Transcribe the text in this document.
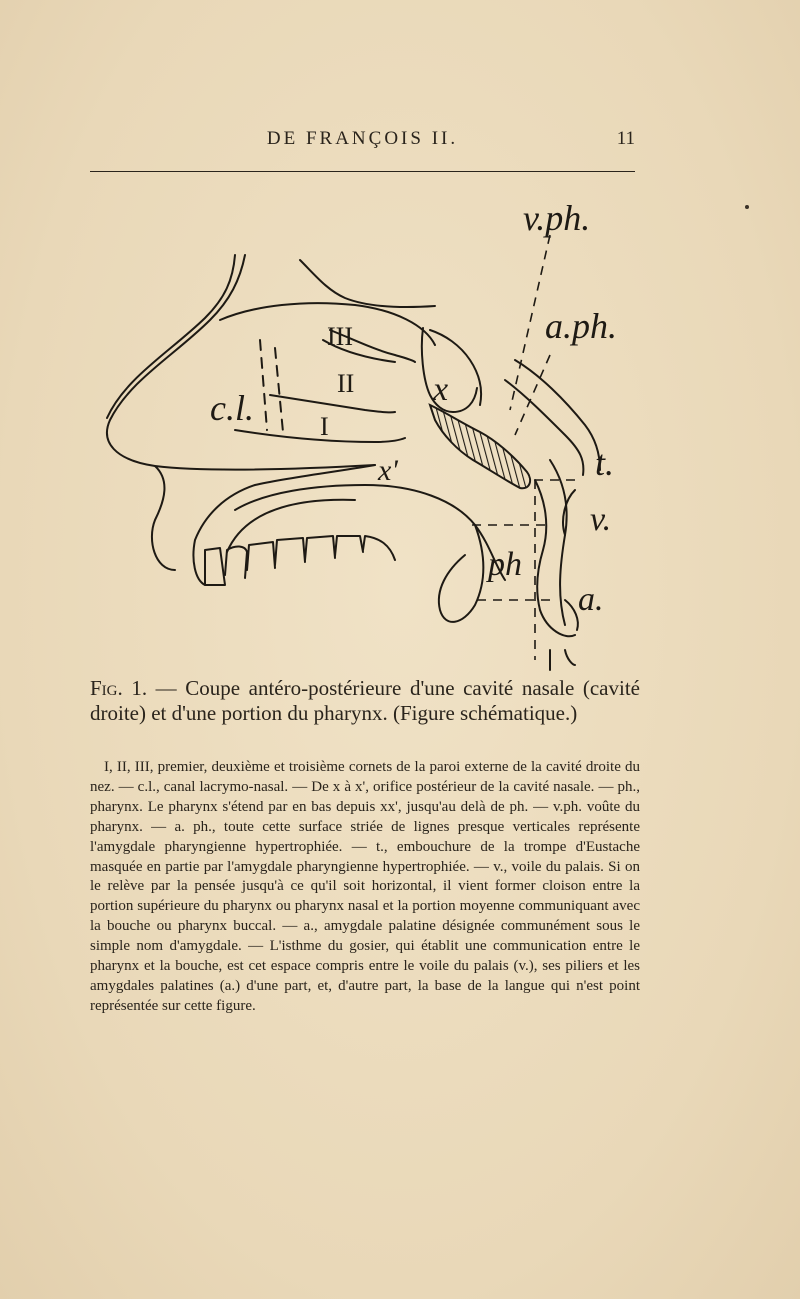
DE FRANÇOIS II.	11
v.ph.
a.ph.
c.l.	x
x'
ph
t.
v.
a.
III
II
I
Fig. 1. — Coupe antéro-postérieure d'une cavité nasale (cavité droite) et d'une portion du pharynx. (Figure schématique.)
I, II, III, premier, deuxième et troisième cornets de la paroi externe de la cavité droite du nez. — c.l., canal lacrymo-nasal. — De x à x', orifice postérieur de la cavité nasale. — ph., pharynx. Le pharynx s'étend par en bas depuis xx', jusqu'au delà de ph. — v.ph. voûte du pharynx. — a. ph., toute cette surface striée de lignes presque verticales représente l'amygdale pharyngienne hypertrophiée. — t., embouchure de la trompe d'Eustache masquée en partie par l'amygdale pharyngienne hypertrophiée. — v., voile du palais. Si on le relève par la pensée jusqu'à ce qu'il soit horizontal, il vient former cloison entre la portion supérieure du pharynx ou pharynx nasal et la portion moyenne communiquant avec la bouche ou pharynx buccal. — a., amygdale palatine désignée communément sous le simple nom d'amygdale. — L'isthme du gosier, qui établit une communication entre le pharynx et la bouche, est cet espace compris entre le voile du palais (v.), ses piliers et les amygdales palatines (a.) d'une part, et, d'autre part, la base de la langue qui n'est point représentée sur cette figure.
